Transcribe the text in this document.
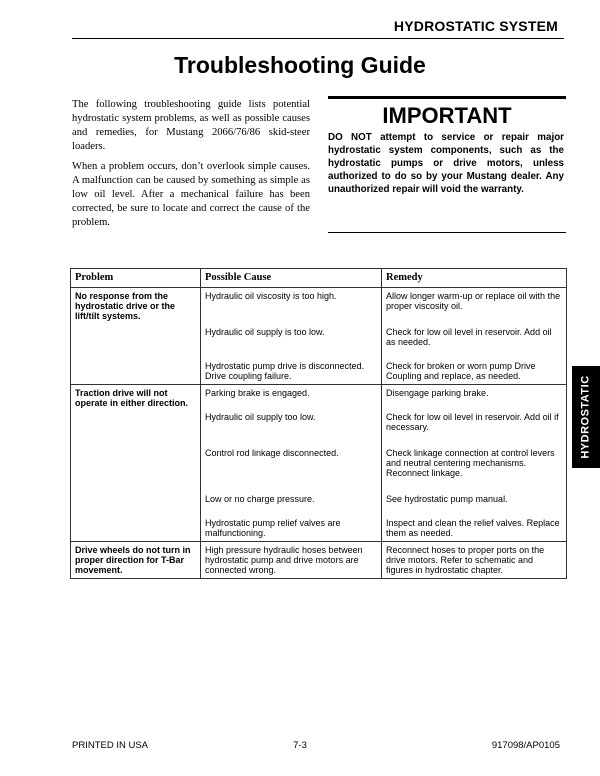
HYDROSTATIC SYSTEM
Troubleshooting Guide

The following troubleshooting guide lists potential hydrostatic system problems, as well as possible causes and remedies, for Mustang 2066/76/86 skid-steer loaders.

When a problem occurs, don’t overlook simple causes. A malfunction can be caused by something as simple as low oil level. After a mechanical failure has been corrected, be sure to locate and correct the cause of the problem.

IMPORTANT
DO NOT attempt to service or repair major hydrostatic system components, such as the hydrostatic pumps or drive motors, unless authorized to do so by your Mustang dealer. Any unauthorized repair will void the warranty.
Problem	Possible Cause	Remedy
No response from the hydrostatic drive or the lift/tilt systems.	Hydraulic oil viscosity is too high.	Allow longer warm-up or replace oil with the proper viscosity oil.
	Hydraulic oil supply is too low.	Check for low oil level in reservoir. Add oil as needed.
	Hydrostatic pump drive is disconnected. Drive coupling failure.	Check for broken or worn pump Drive Coupling and replace, as needed.
Traction drive will not operate in either direction.	Parking brake is engaged.	Disengage parking brake.
	Hydraulic oil supply too low.	Check for low oil level in reservoir. Add oil if necessary.
	Control rod linkage disconnected.	Check linkage connection at control levers and neutral centering mechanisms. Reconnect linkage.
	Low or no charge pressure.	See hydrostatic pump manual.
	Hydrostatic pump relief valves are malfunctioning.	Inspect and clean the relief valves. Replace them as needed.
Drive wheels do not turn in proper direction for T-Bar movement.	High pressure hydraulic hoses between hydrostatic pump and drive motors are connected wrong.	Reconnect hoses to proper ports on the drive motors. Refer to schematic and figures in hydrostatic chapter.
HYDROSTATIC
PRINTED IN USA	7-3	917098/AP0105
